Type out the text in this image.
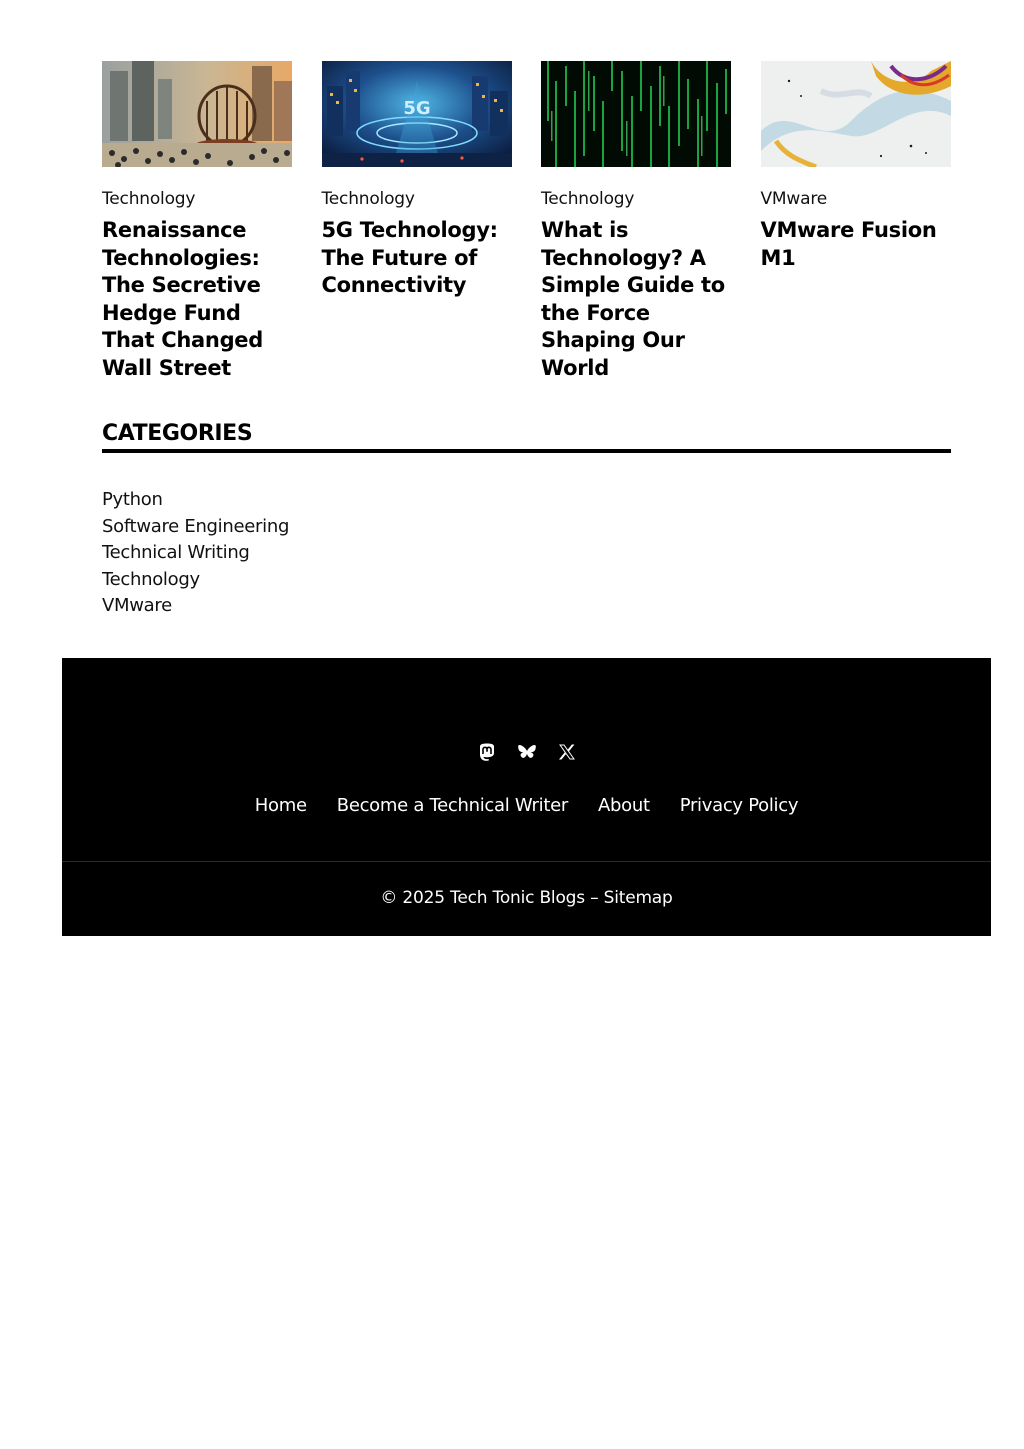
Technology
Renaissance Technologies: The Secretive Hedge Fund That Changed Wall Street
5G
Technology
5G Technology: The Future of Connectivity
Technology
What is Technology? A Simple Guide to the Force Shaping Our World
VMware
VMware Fusion M1
CATEGORIES
Python
Software Engineering
Technical Writing
Technology
VMware
Home Become a Technical Writer About Privacy Policy
© 2025 Tech Tonic Blogs – Sitemap
